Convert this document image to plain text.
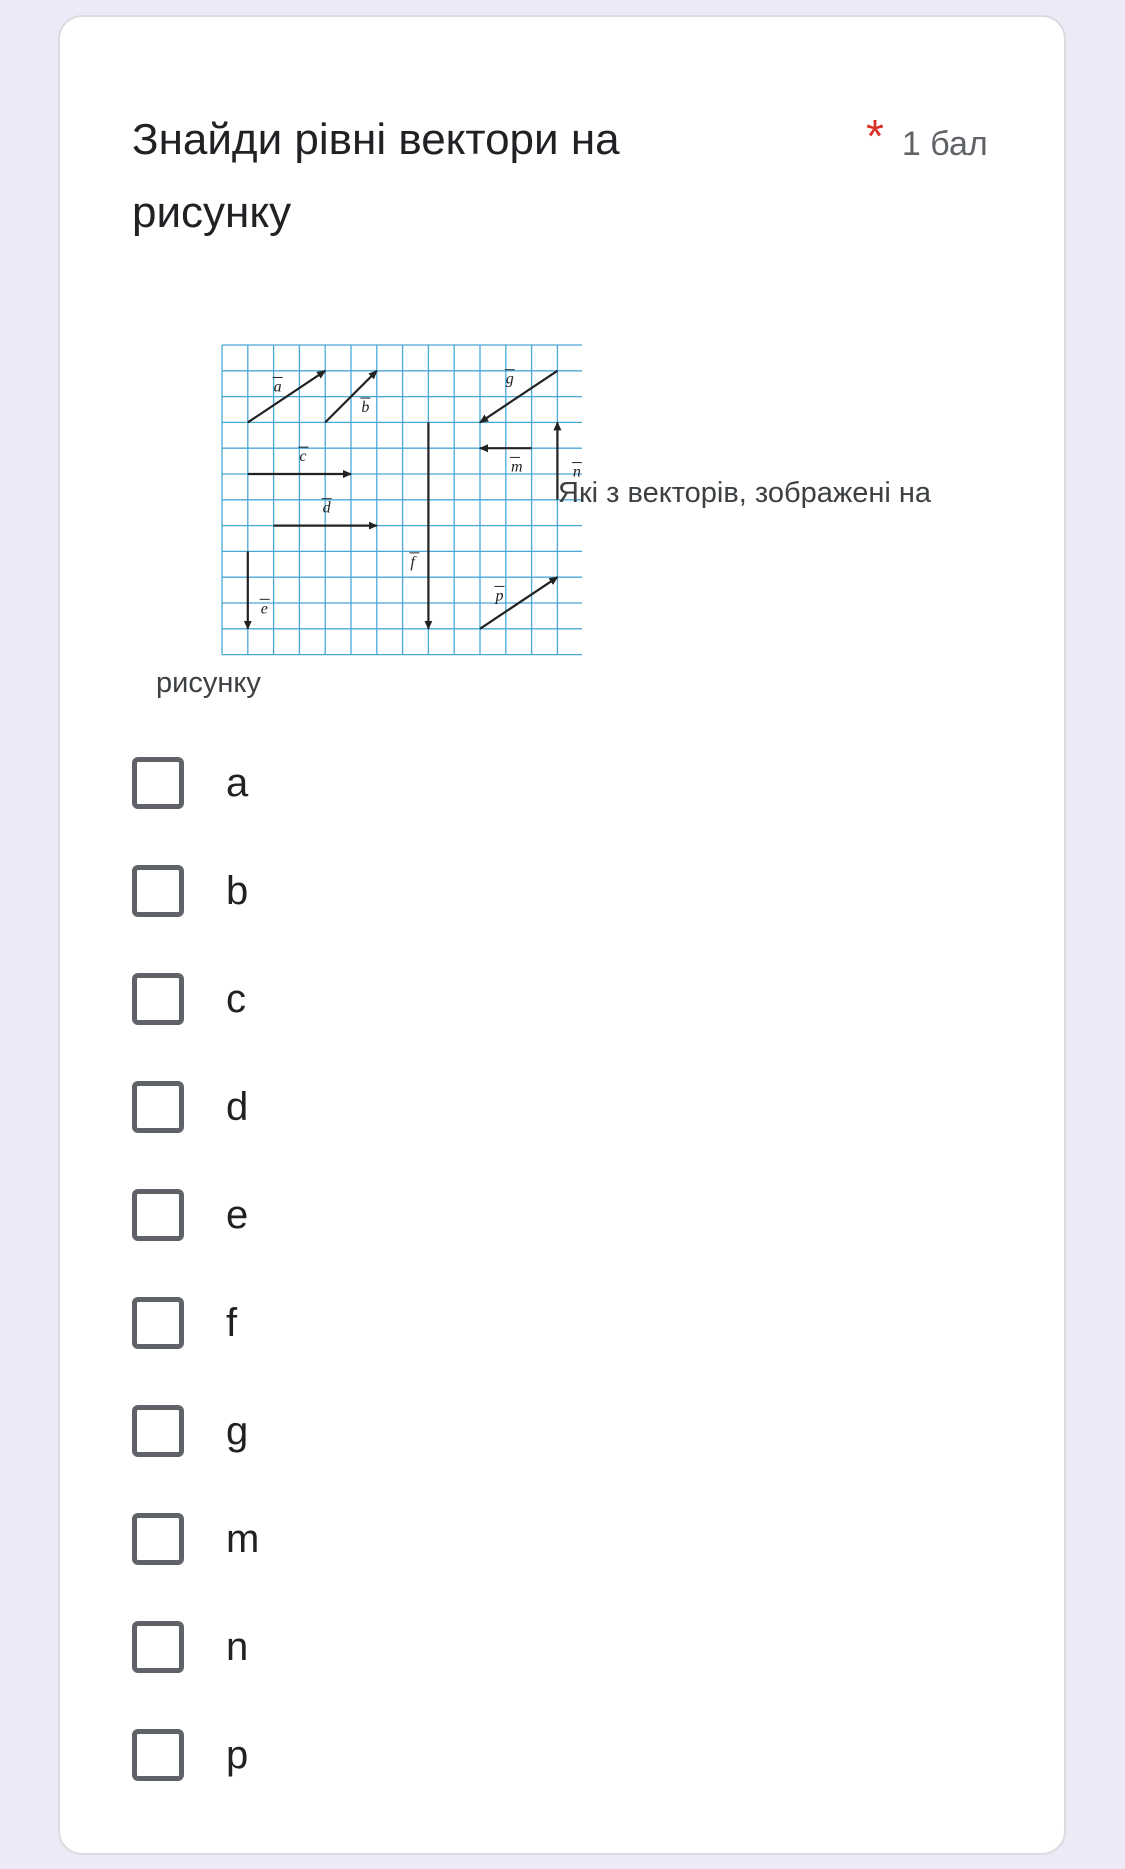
Знайди рівні вектори на рисунку
* 1 бал
a
b
c
d
e
f
g
m	n
p
Які з векторів, зображені на
рисунку
a
b
c
d
e
f
g
m
n
p
